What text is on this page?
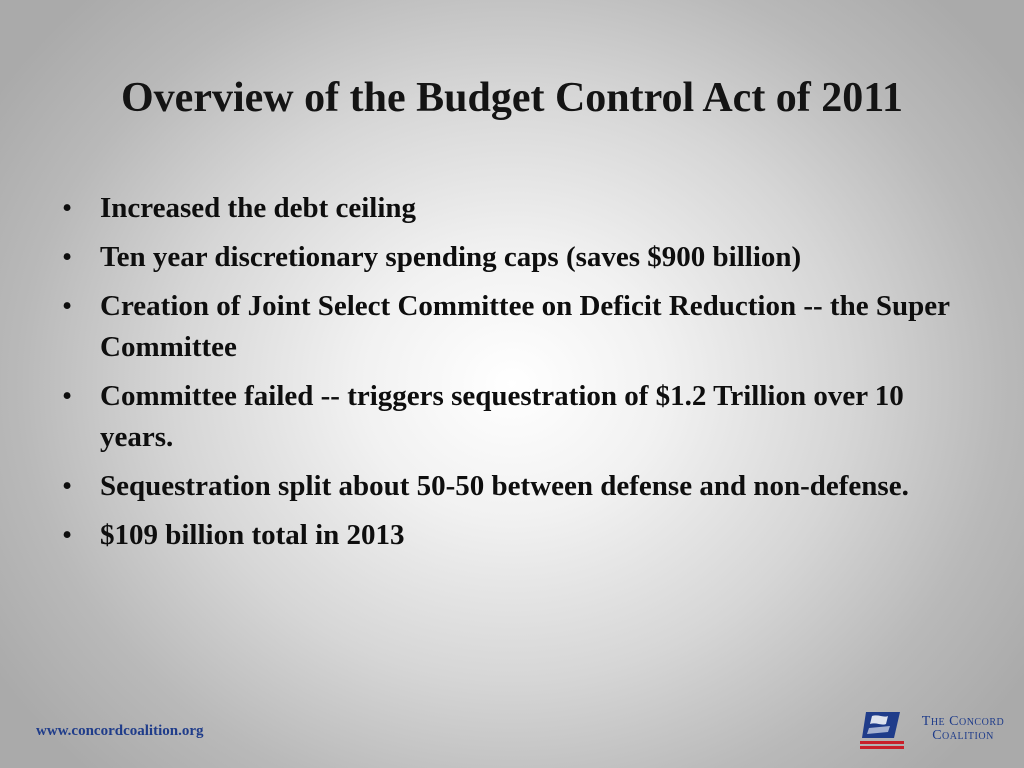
Overview of the Budget Control Act of 2011
• Increased the debt ceiling
• Ten year discretionary spending caps (saves $900 billion)
• Creation of Joint Select Committee on Deficit Reduction -- the Super Committee
• Committee failed -- triggers sequestration of $1.2 Trillion over 10 years.
• Sequestration split about 50-50 between defense and non-defense.
• $109 billion total in 2013
www.concordcoalition.org
The Concord
Coalition
